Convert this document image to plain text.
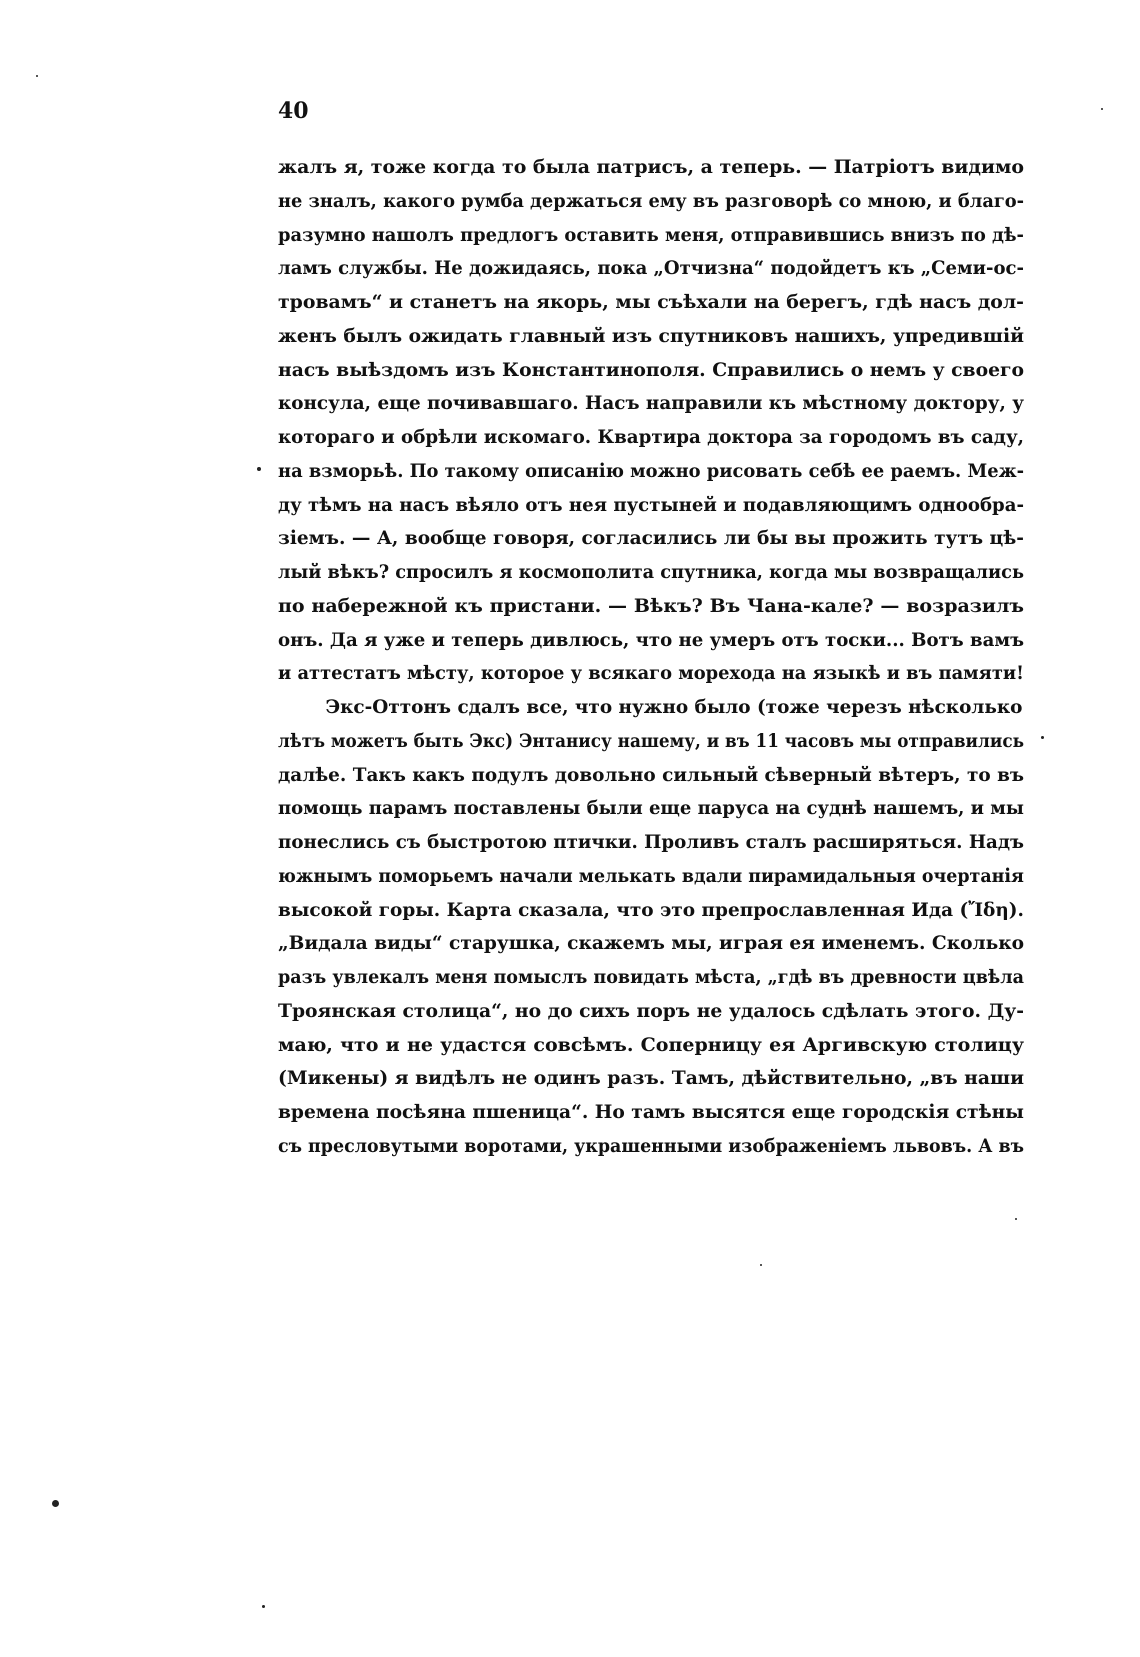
40
жалъ я, тоже когда то была патрисъ, а теперь. — Патріотъ видимо
не зналъ, какого румба держаться ему въ разговорѣ со мною, и благо-
разумно нашолъ предлогъ оставить меня, отправившись внизъ по дѣ-
ламъ службы. Не дожидаясь, пока „Отчизна“ подойдетъ къ „Семи-ос-
тровамъ“ и станетъ на якорь, мы съѣхали на берегъ, гдѣ насъ дол-
женъ былъ ожидать главный изъ спутниковъ нашихъ, упредившій
насъ выѣздомъ изъ Константинополя. Справились о немъ у своего
консула, еще почивавшаго. Насъ направили къ мѣстному доктору, у
котораго и обрѣли искомаго. Квартира доктора за городомъ въ саду,
на взморьѣ. По такому описанію можно рисовать себѣ ее раемъ. Меж-
ду тѣмъ на насъ вѣяло отъ нея пустыней и подавляющимъ однообра-
зіемъ. — А, вообще говоря, согласились ли бы вы прожить тутъ цѣ-
лый вѣкъ? спросилъ я космополита спутника, когда мы возвращались
по набережной къ пристани. — Вѣкъ? Въ Чана-кале? — возразилъ
онъ. Да я уже и теперь дивлюсь, что не умеръ отъ тоски... Вотъ вамъ
и аттестатъ мѣсту, которое у всякаго морехода на языкѣ и въ памяти!
Экс-Оттонъ сдалъ все, что нужно было (тоже черезъ нѣсколько
лѣтъ можетъ быть Экс) Энтанису нашему, и въ 11 часовъ мы отправились
далѣе. Такъ какъ подулъ довольно сильный сѣверный вѣтеръ, то въ
помощь парамъ поставлены были еще паруса на суднѣ нашемъ, и мы
понеслись съ быстротою птички. Проливъ сталъ расширяться. Надъ
южнымъ поморьемъ начали мелькать вдали пирамидальныя очертанія
высокой горы. Карта сказала, что это препрославленная Ида (Ἴδη).
„Видала виды“ старушка, скажемъ мы, играя ея именемъ. Сколько
разъ увлекалъ меня помыслъ повидать мѣста, „гдѣ въ древности цвѣла
Троянская столица“, но до сихъ поръ не удалось сдѣлать этого. Ду-
маю, что и не удастся совсѣмъ. Соперницу ея Аргивскую столицу
(Микены) я видѣлъ не одинъ разъ. Тамъ, дѣйствительно, „въ наши
времена посѣяна пшеница“. Но тамъ высятся еще городскія стѣны
съ пресловутыми воротами, украшенными изображеніемъ львовъ. А въ
